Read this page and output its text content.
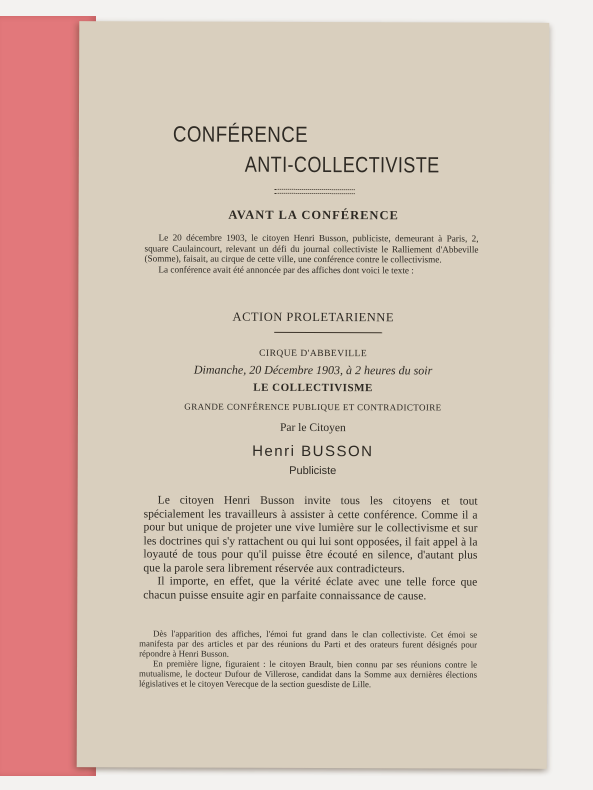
CONFÉRENCE
ANTI-COLLECTIVISTE
AVANT LA CONFÉRENCE

Le 20 décembre 1903, le citoyen Henri Busson, publiciste, demeurant à Paris, 2, square Caulaincourt, relevant un défi du journal collectiviste le Ralliement d'Abbeville (Somme), faisait, au cirque de cette ville, une conférence contre le collectivisme.

La conférence avait été annoncée par des affiches dont voici le texte :

ACTION PROLETARIENNE
CIRQUE D'ABBEVILLE
Dimanche, 20 Décembre 1903, à 2 heures du soir
LE COLLECTIVISME
GRANDE CONFÉRENCE PUBLIQUE ET CONTRADICTOIRE
Par le Citoyen
Henri BUSSON
Publiciste

Le citoyen Henri Busson invite tous les citoyens et tout spécialement les travailleurs à assister à cette conférence. Comme il a pour but unique de projeter une vive lumière sur le collectivisme et sur les doctrines qui s'y rattachent ou qui lui sont opposées, il fait appel à la loyauté de tous pour qu'il puisse être écouté en silence, d'autant plus que la parole sera librement réservée aux contradicteurs.

Il importe, en effet, que la vérité éclate avec une telle force que chacun puisse ensuite agir en parfaite connaissance de cause.

Dès l'apparition des affiches, l'émoi fut grand dans le clan collectiviste. Cet émoi se manifesta par des articles et par des réunions du Parti et des orateurs furent désignés pour répondre à Henri Busson.

En première ligne, figuraient : le citoyen Brault, bien connu par ses réunions contre le mutualisme, le docteur Dufour de Villerose, candidat dans la Somme aux dernières élections législatives et le citoyen Verecque de la section guesdiste de Lille.
